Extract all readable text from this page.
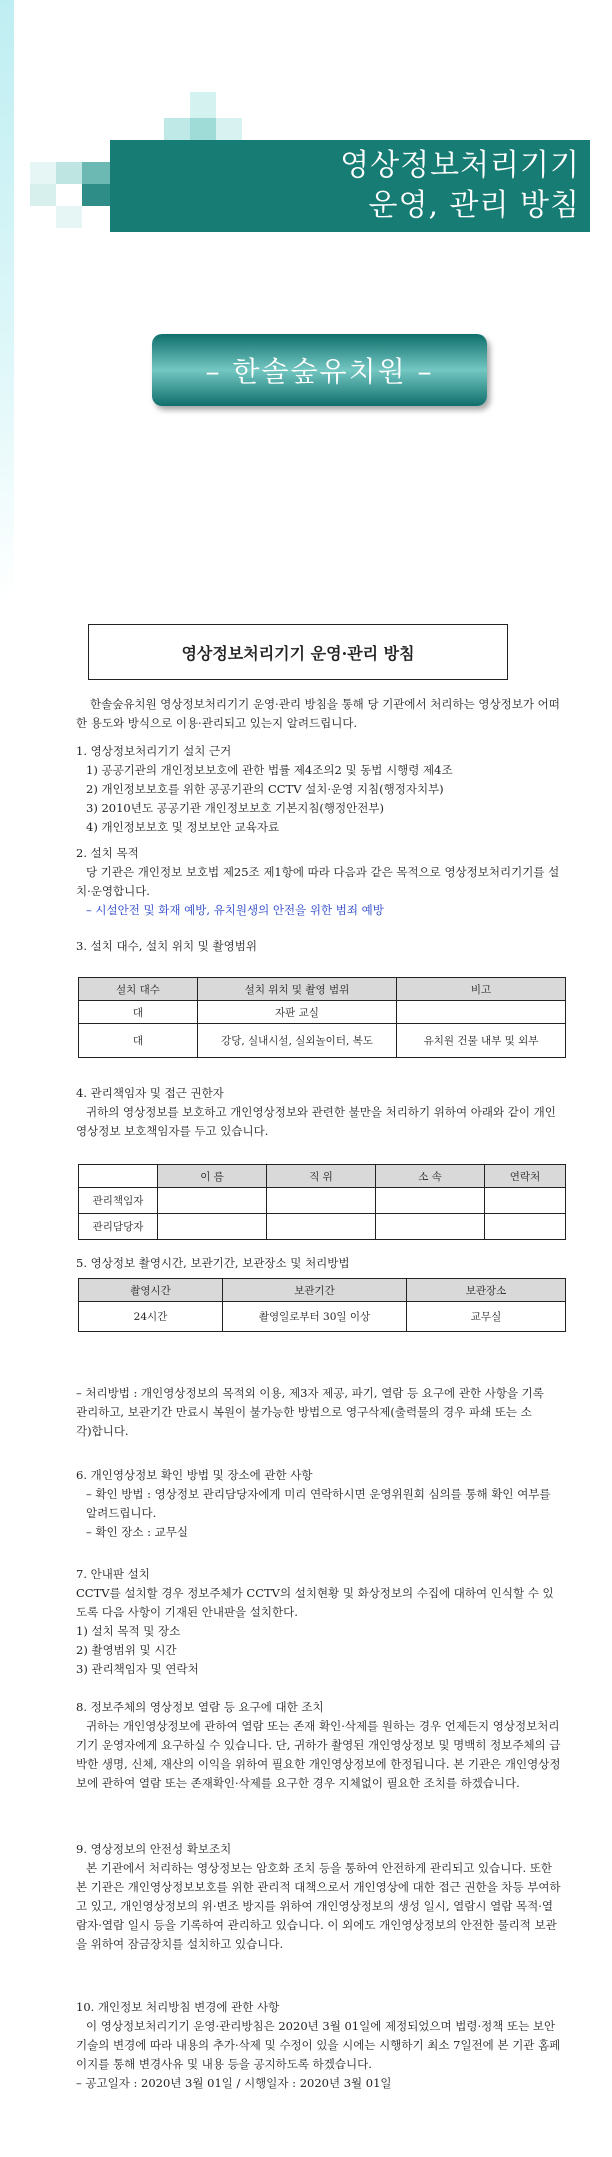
영상정보처리기기
운영, 관리 방침
– 한솔숲유치원 –
영상정보처리기기 운영·관리 방침
한솔숲유치원 영상정보처리기기 운영·관리 방침을 통해 당 기관에서 처리하는 영상정보가 어떠한 용도와 방식으로 이용·관리되고 있는지 알려드립니다.
1. 영상정보처리기기 설치 근거
1) 공공기관의 개인정보보호에 관한 법률 제4조의2 및 동법 시행령 제4조
2) 개인정보보호를 위한 공공기관의 CCTV 설치·운영 지침(행정자치부)
3) 2010년도 공공기관 개인정보보호 기본지침(행정안전부)
4) 개인정보보호 및 정보보안 교육자료
2. 설치 목적
당 기관은 개인정보 보호법 제25조 제1항에 따라 다음과 같은 목적으로 영상정보처리기기를 설치·운영합니다.
– 시설안전 및 화재 예방, 유치원생의 안전을 위한 범죄 예방
3. 설치 대수, 설치 위치 및 촬영범위
설치 대수	설치 위치 및 촬영 범위	비고
대	자판 교실	
대	강당, 실내시설, 실외놀이터, 복도	유치원 건물 내부 및 외부
4. 관리책임자 및 접근 권한자
귀하의 영상정보를 보호하고 개인영상정보와 관련한 불만을 처리하기 위하여 아래와 같이 개인영상정보 보호책임자를 두고 있습니다.
	이 름	직 위	소 속	연락처
관리책임자				
관리담당자				
5. 영상정보 촬영시간, 보관기간, 보관장소 및 처리방법
촬영시간	보관기간	보관장소
24시간	촬영일로부터 30일 이상	교무실
– 처리방법 : 개인영상정보의 목적외 이용, 제3자 제공, 파기, 열람 등 요구에 관한 사항을 기록관리하고, 보관기간 만료시 복원이 불가능한 방법으로 영구삭제(출력물의 경우 파쇄 또는 소각)합니다.
6. 개인영상정보 확인 방법 및 장소에 관한 사항
– 확인 방법 : 영상정보 관리담당자에게 미리 연락하시면 운영위원회 심의를 통해 확인 여부를 알려드립니다.
– 확인 장소 : 교무실
7. 안내판 설치
CCTV를 설치할 경우 정보주체가 CCTV의 설치현황 및 화상정보의 수집에 대하여 인식할 수 있도록 다음 사항이 기재된 안내판을 설치한다.
1) 설치 목적 및 장소
2) 촬영범위 및 시간
3) 관리책임자 및 연락처
8. 정보주체의 영상정보 열람 등 요구에 대한 조치
귀하는 개인영상정보에 관하여 열람 또는 존재 확인·삭제를 원하는 경우 언제든지 영상정보처리기기 운영자에게 요구하실 수 있습니다. 단, 귀하가 촬영된 개인영상정보 및 명백히 정보주체의 급박한 생명, 신체, 재산의 이익을 위하여 필요한 개인영상정보에 한정됩니다. 본 기관은 개인영상정보에 관하여 열람 또는 존재확인·삭제를 요구한 경우 지체없이 필요한 조치를 하겠습니다.
9. 영상정보의 안전성 확보조치
본 기관에서 처리하는 영상정보는 암호화 조치 등을 통하여 안전하게 관리되고 있습니다. 또한 본 기관은 개인영상정보보호를 위한 관리적 대책으로서 개인영상에 대한 접근 권한을 차등 부여하고 있고, 개인영상정보의 위·변조 방지를 위하여 개인영상정보의 생성 일시, 열람시 열람 목적·열람자·열람 일시 등을 기록하여 관리하고 있습니다. 이 외에도 개인영상정보의 안전한 물리적 보관을 위하여 잠금장치를 설치하고 있습니다.
10. 개인정보 처리방침 변경에 관한 사항
이 영상정보처리기기 운영·관리방침은 2020년 3월 01일에 제정되었으며 법령·정책 또는 보안기술의 변경에 따라 내용의 추가·삭제 및 수정이 있을 시에는 시행하기 최소 7일전에 본 기관 홈페이지를 통해 변경사유 및 내용 등을 공지하도록 하겠습니다.
– 공고일자 : 2020년 3월 01일 / 시행일자 : 2020년 3월 01일
